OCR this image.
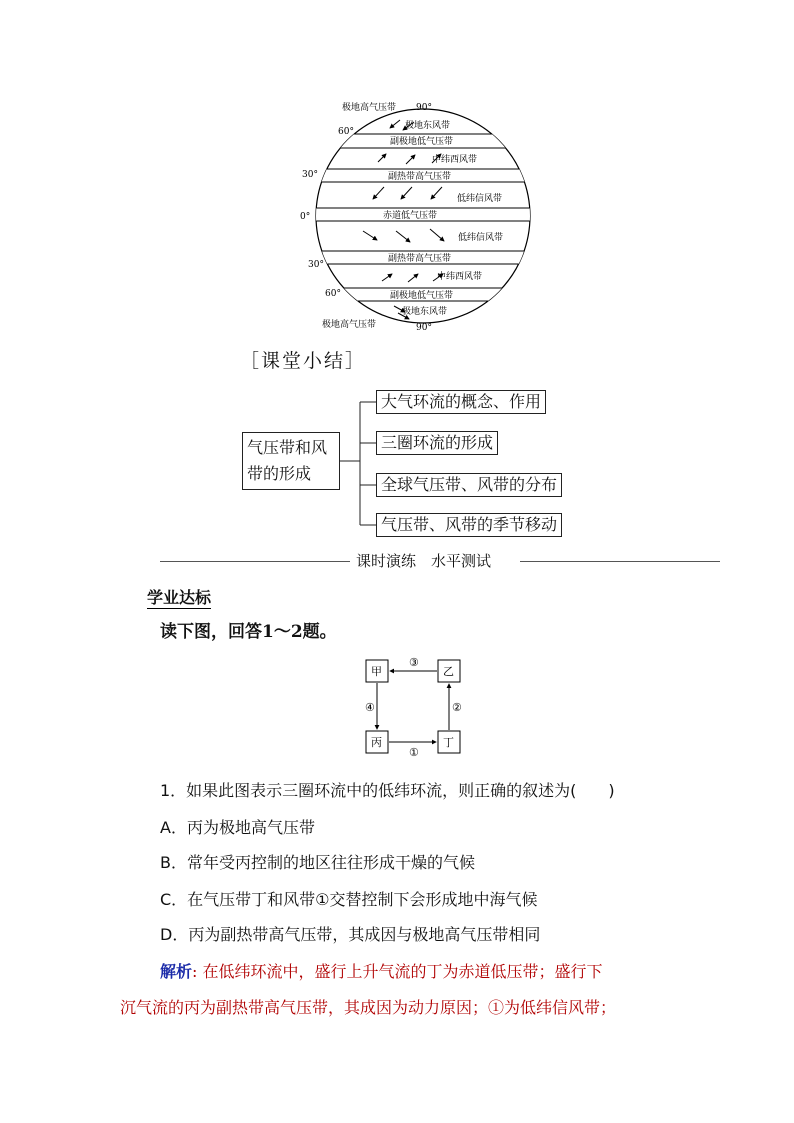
极地高气压带 90°
60°
30°
0°
30°
60°
极地高气压带	90°
极地东风带
副极地低气压带
中纬西风带
副热带高气压带
低纬信风带
赤道低气压带
低纬信风带
副热带高气压带
中纬西风带
副极地低气压带
极地东风带
［课堂小结］
气压带和风
带的形成
大气环流的概念、作用
三圈环流的形成
全球气压带、风带的分布
气压带、风带的季节移动
课时演练　水平测试
学业达标
读下图，回答1～2题。
甲	乙
丙	丁
③
②
①
④
1．如果此图表示三圈环流中的低纬环流，则正确的叙述为(　　)
A．丙为极地高气压带
B．常年受丙控制的地区往往形成干燥的气候
C．在气压带丁和风带①交替控制下会形成地中海气候
D．丙为副热带高气压带，其成因与极地高气压带相同
解析: 在低纬环流中，盛行上升气流的丁为赤道低压带；盛行下
沉气流的丙为副热带高气压带，其成因为动力原因；①为低纬信风带；
